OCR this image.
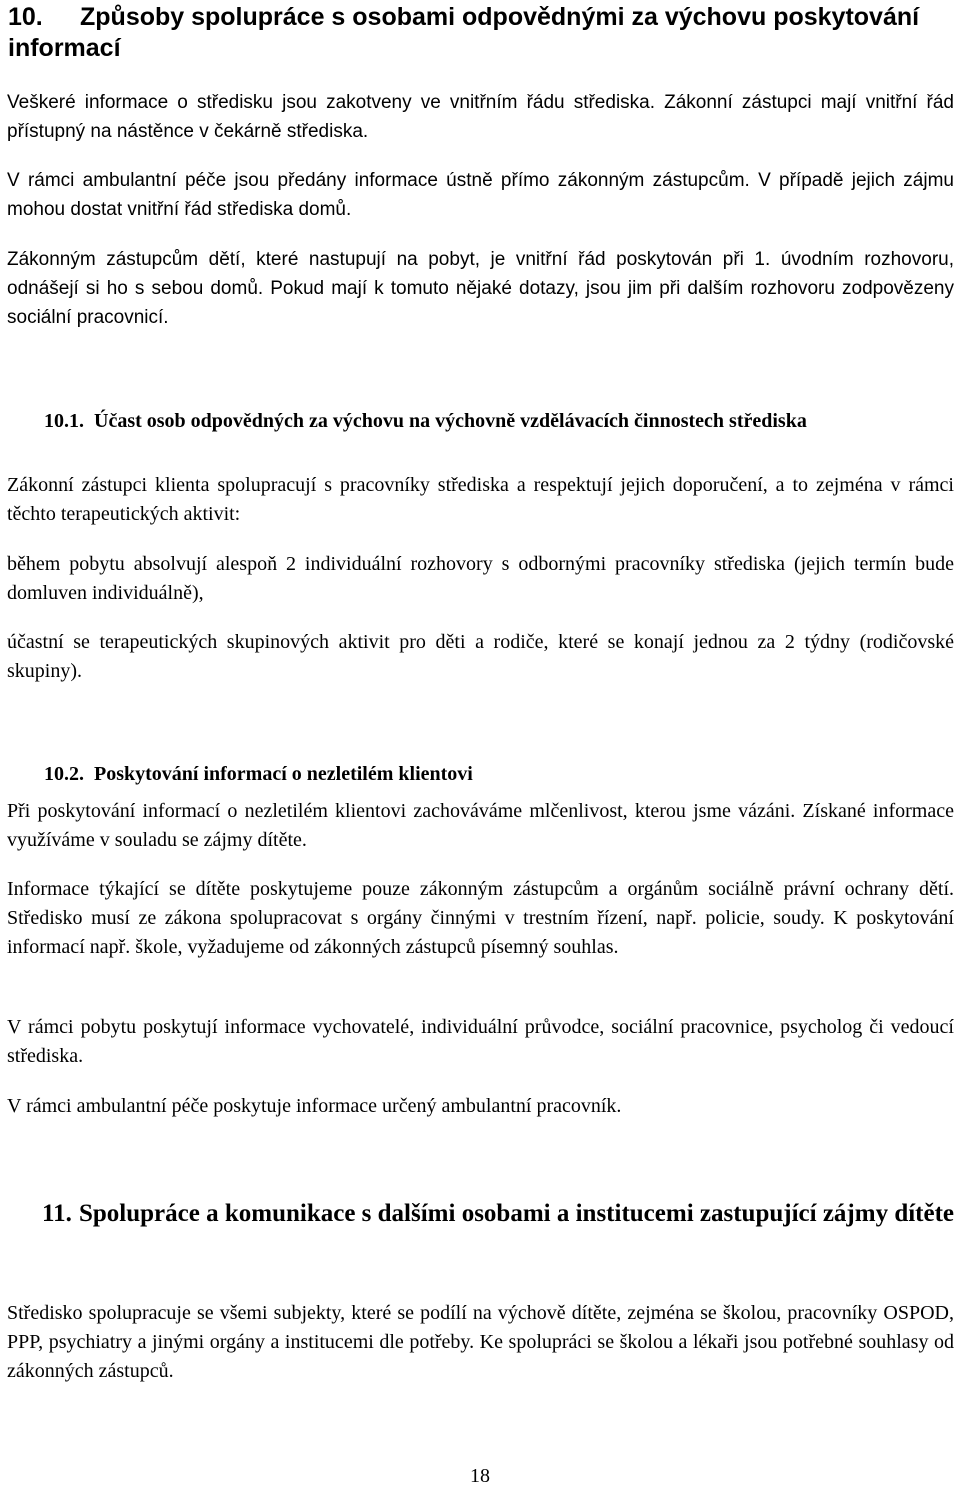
10. Způsoby spolupráce s osobami odpovědnými za výchovu poskytování informací

Veškeré informace o středisku jsou zakotveny ve vnitřním řádu střediska. Zákonní zástupci mají vnitřní řád přístupný na nástěnce v čekárně střediska.

V rámci ambulantní péče jsou předány informace ústně přímo zákonným zástupcům. V případě jejich zájmu mohou dostat vnitřní řád střediska domů.

Zákonným zástupcům dětí, které nastupují na pobyt, je vnitřní řád poskytován při 1. úvodním rozhovoru, odnášejí si ho s sebou domů. Pokud mají k tomuto nějaké dotazy, jsou jim při dalším rozhovoru zodpovězeny sociální pracovnicí.

10.1. Účast osob odpovědných za výchovu na výchovně vzdělávacích činnostech střediska

Zákonní zástupci klienta spolupracují s pracovníky střediska a respektují jejich doporučení, a to zejména v rámci těchto terapeutických aktivit:

během pobytu absolvují alespoň 2 individuální rozhovory s odbornými pracovníky střediska (jejich termín bude domluven individuálně),

účastní se terapeutických skupinových aktivit pro děti a rodiče, které se konají jednou za 2 týdny (rodičovské skupiny).

10.2. Poskytování informací o nezletilém klientovi

Při poskytování informací o nezletilém klientovi zachováváme mlčenlivost, kterou jsme vázáni. Získané informace využíváme v souladu se zájmy dítěte.

Informace týkající se dítěte poskytujeme pouze zákonným zástupcům a orgánům sociálně právní ochrany dětí. Středisko musí ze zákona spolupracovat s orgány činnými v trestním řízení, např. policie, soudy. K poskytování informací např. škole, vyžadujeme od zákonných zástupců písemný souhlas.

V rámci pobytu poskytují informace vychovatelé, individuální průvodce, sociální pracovnice, psycholog či vedoucí střediska.

V rámci ambulantní péče poskytuje informace určený ambulantní pracovník.

11. Spolupráce a komunikace s dalšími osobami a institucemi zastupující zájmy dítěte

Středisko spolupracuje se všemi subjekty, které se podílí na výchově dítěte, zejména se školou, pracovníky OSPOD, PPP, psychiatry a jinými orgány a institucemi dle potřeby. Ke spolupráci se školou a lékaři jsou potřebné souhlasy od zákonných zástupců.

18
